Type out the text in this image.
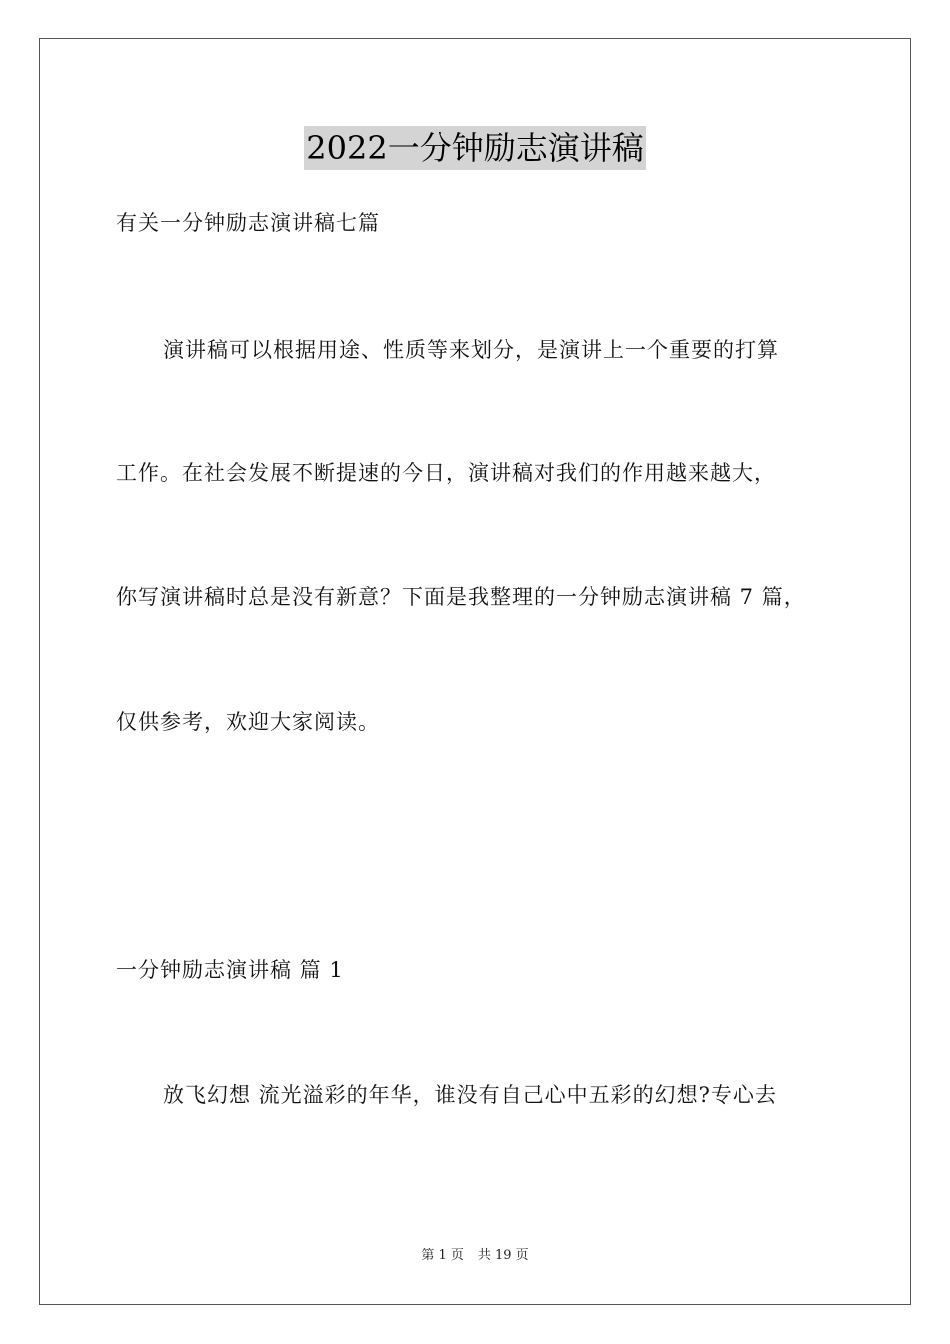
2022一分钟励志演讲稿
有关一分钟励志演讲稿七篇
演讲稿可以根据用途、性质等来划分，是演讲上一个重要的打算
工作。在社会发展不断提速的今日，演讲稿对我们的作用越来越大，
你写演讲稿时总是没有新意？下面是我整理的一分钟励志演讲稿 7 篇，
仅供参考，欢迎大家阅读。
一分钟励志演讲稿 篇 1
放飞幻想 流光溢彩的年华，谁没有自己心中五彩的幻想?专心去
第 1 页 共 19 页
